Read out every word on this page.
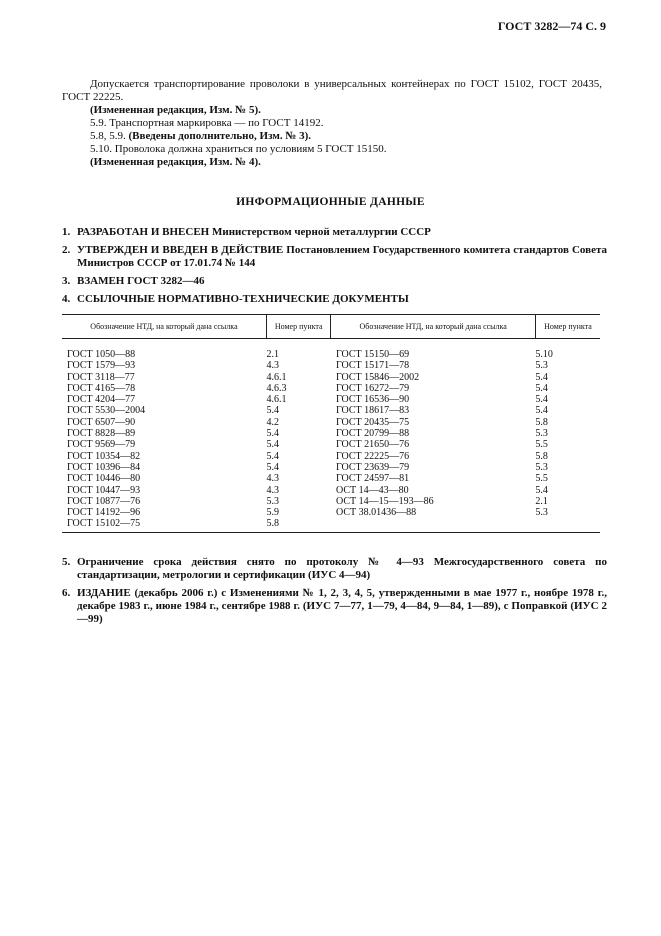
ГОСТ 3282—74 С. 9

Допускается транспортирование проволоки в универсальных контейнерах по ГОСТ 15102, ГОСТ 20435, ГОСТ 22225.

(Измененная редакция, Изм. № 5).

5.9. Транспортная маркировка — по ГОСТ 14192.

5.8, 5.9. (Введены дополнительно, Изм. № 3).

5.10. Проволока должна храниться по условиям 5 ГОСТ 15150.

(Измененная редакция, Изм. № 4).

ИНФОРМАЦИОННЫЕ ДАННЫЕ
1. РАЗРАБОТАН И ВНЕСЕН Министерством черной металлургии СССР
2. УТВЕРЖДЕН И ВВЕДЕН В ДЕЙСТВИЕ Постановлением Государственного комитета стандартов Совета Министров СССР от 17.01.74 № 144
3. ВЗАМЕН ГОСТ 3282—46
4. ССЫЛОЧНЫЕ НОРМАТИВНО-ТЕХНИЧЕСКИЕ ДОКУМЕНТЫ
Обозначение НТД, на который дана ссылка	Номер пункта	Обозначение НТД, на который дана ссылка	Номер пункта

ГОСТ 1050—88	2.1	ГОСТ 15150—69	5.10
ГОСТ 1579—93	4.3	ГОСТ 15171—78	5.3
ГОСТ 3118—77	4.6.1	ГОСТ 15846—2002	5.4
ГОСТ 4165—78	4.6.3	ГОСТ 16272—79	5.4
ГОСТ 4204—77	4.6.1	ГОСТ 16536—90	5.4
ГОСТ 5530—2004	5.4	ГОСТ 18617—83	5.4
ГОСТ 6507—90	4.2	ГОСТ 20435—75	5.8
ГОСТ 8828—89	5.4	ГОСТ 20799—88	5.3
ГОСТ 9569—79	5.4	ГОСТ 21650—76	5.5
ГОСТ 10354—82	5.4	ГОСТ 22225—76	5.8
ГОСТ 10396—84	5.4	ГОСТ 23639—79	5.3
ГОСТ 10446—80	4.3	ГОСТ 24597—81	5.5
ГОСТ 10447—93	4.3	ОСТ 14—43—80	5.4
ГОСТ 10877—76	5.3	ОСТ 14—15—193—86	2.1
ГОСТ 14192—96	5.9	ОСТ 38.01436—88	5.3
ГОСТ 15102—75	5.8		

5. Ограничение срока действия снято по протоколу № 4—93 Межгосударственного совета по стандартизации, метрологии и сертификации (ИУС 4—94)
6. ИЗДАНИЕ (декабрь 2006 г.) с Изменениями № 1, 2, 3, 4, 5, утвержденными в мае 1977 г., ноябре 1978 г., декабре 1983 г., июне 1984 г., сентябре 1988 г. (ИУС 7—77, 1—79, 4—84, 9—84, 1—89), с Поправкой (ИУС 2—99)
